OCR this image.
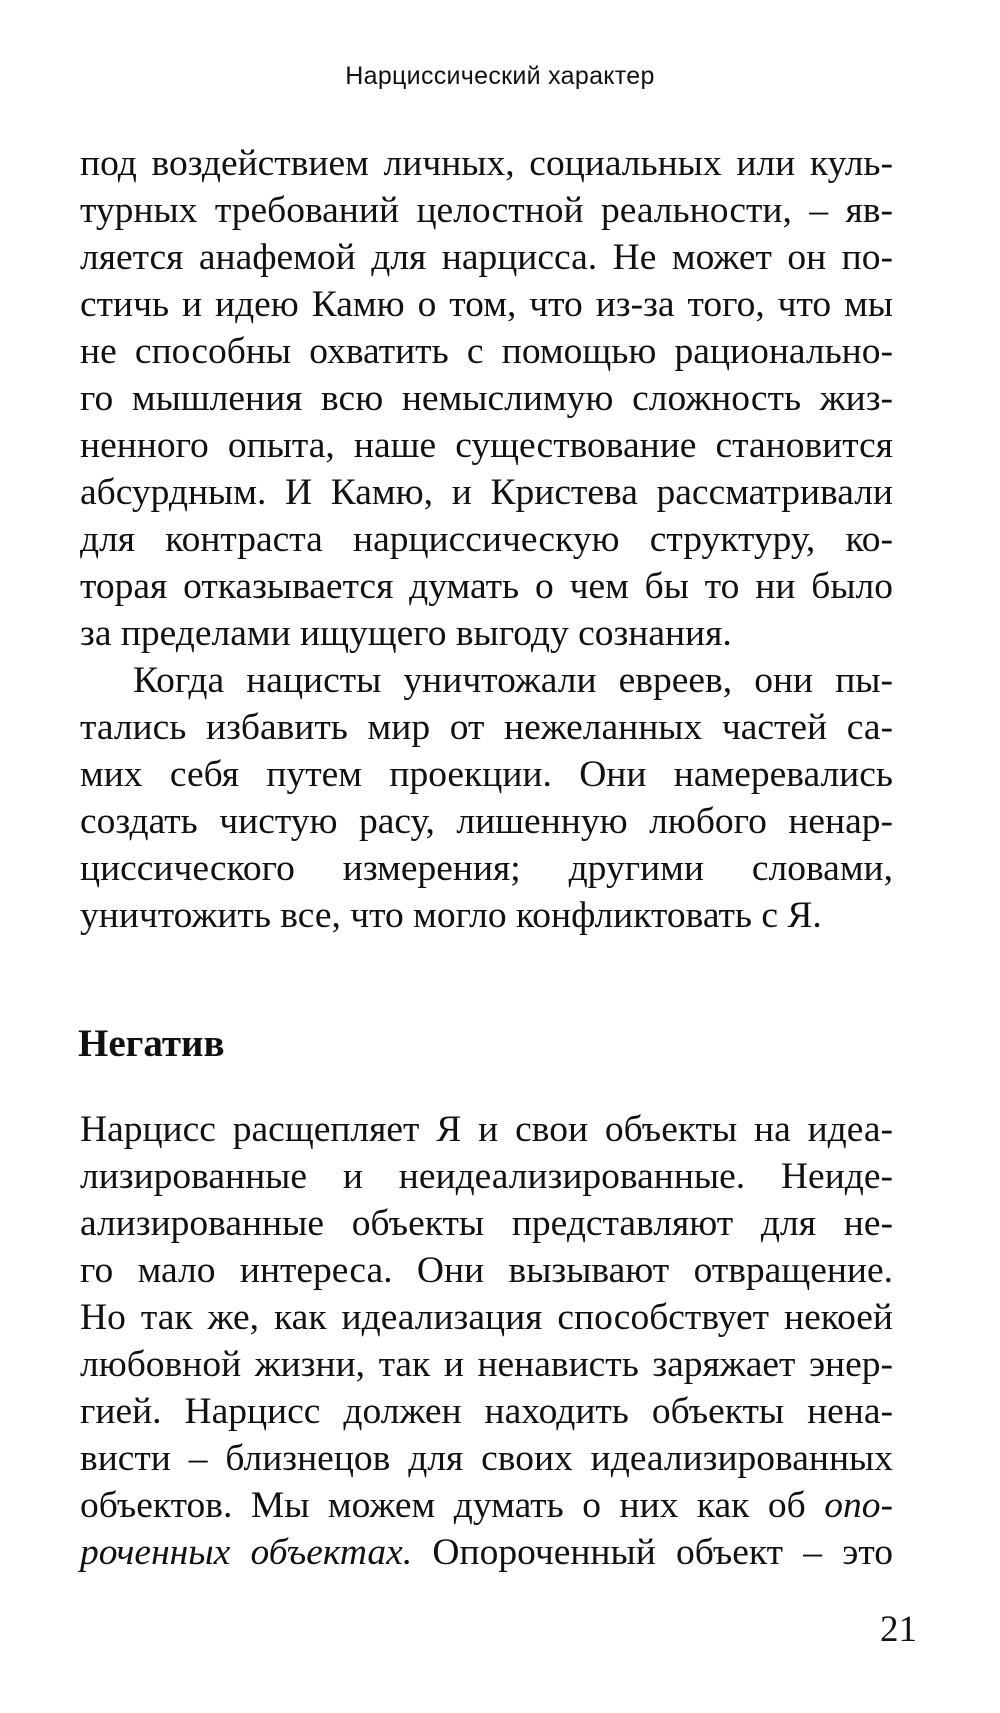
Нарциссический характер
под воздействием личных, социальных или куль-
турных требований целостной реальности, – яв-
ляется анафемой для нарцисса. Не может он по-
стичь и идею Камю о том, что из-за того, что мы
не способны охватить с помощью рационально-
го мышления всю немыслимую сложность жиз-
ненного опыта, наше существование становится
абсурдным. И Камю, и Кристева рассматривали
для контраста нарциссическую структуру, ко-
торая отказывается думать о чем бы то ни было
за пределами ищущего выгоду сознания.
Когда нацисты уничтожали евреев, они пы-
тались избавить мир от нежеланных частей са-
мих себя путем проекции. Они намеревались
создать чистую расу, лишенную любого ненар-
циссического измерения; другими словами,
уничтожить все, что могло конфликтовать с Я.
Негатив
Нарцисс расщепляет Я и свои объекты на идеа-
лизированные и неидеализированные. Неиде-
ализированные объекты представляют для не-
го мало интереса. Они вызывают отвращение.
Но так же, как идеализация способствует некоей
любовной жизни, так и ненависть заряжает энер-
гией. Нарцисс должен находить объекты нена-
висти – близнецов для своих идеализированных
объектов. Мы можем думать о них как об опо-
роченных объектах. Опороченный объект – это
21
